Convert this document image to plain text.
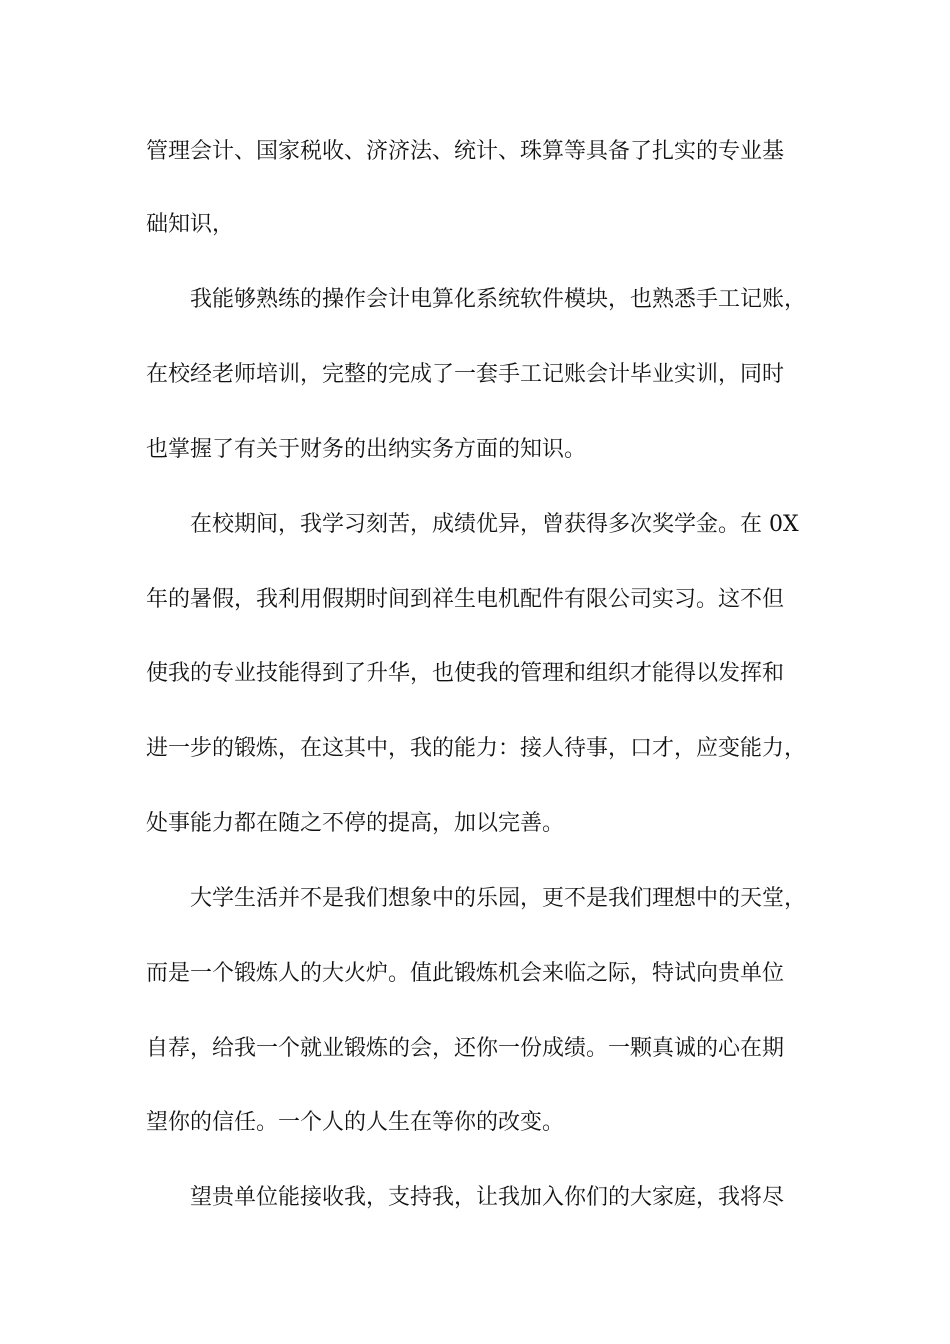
管理会计、国家税收、济济法、统计、珠算等具备了扎实的专业基

础知识，

我能够熟练的操作会计电算化系统软件模块，也熟悉手工记账，

在校经老师培训，完整的完成了一套手工记账会计毕业实训，同时

也掌握了有关于财务的出纳实务方面的知识。

在校期间，我学习刻苦，成绩优异，曾获得多次奖学金。在 0X

年的暑假，我利用假期时间到祥生电机配件有限公司实习。这不但

使我的专业技能得到了升华，也使我的管理和组织才能得以发挥和

进一步的锻炼，在这其中，我的能力：接人待事，口才，应变能力，

处事能力都在随之不停的提高，加以完善。

大学生活并不是我们想象中的乐园，更不是我们理想中的天堂，

而是一个锻炼人的大火炉。值此锻炼机会来临之际，特试向贵单位

自荐，给我一个就业锻炼的会，还你一份成绩。一颗真诚的心在期

望你的信任。一个人的人生在等你的改变。

望贵单位能接收我，支持我，让我加入你们的大家庭，我将尽
